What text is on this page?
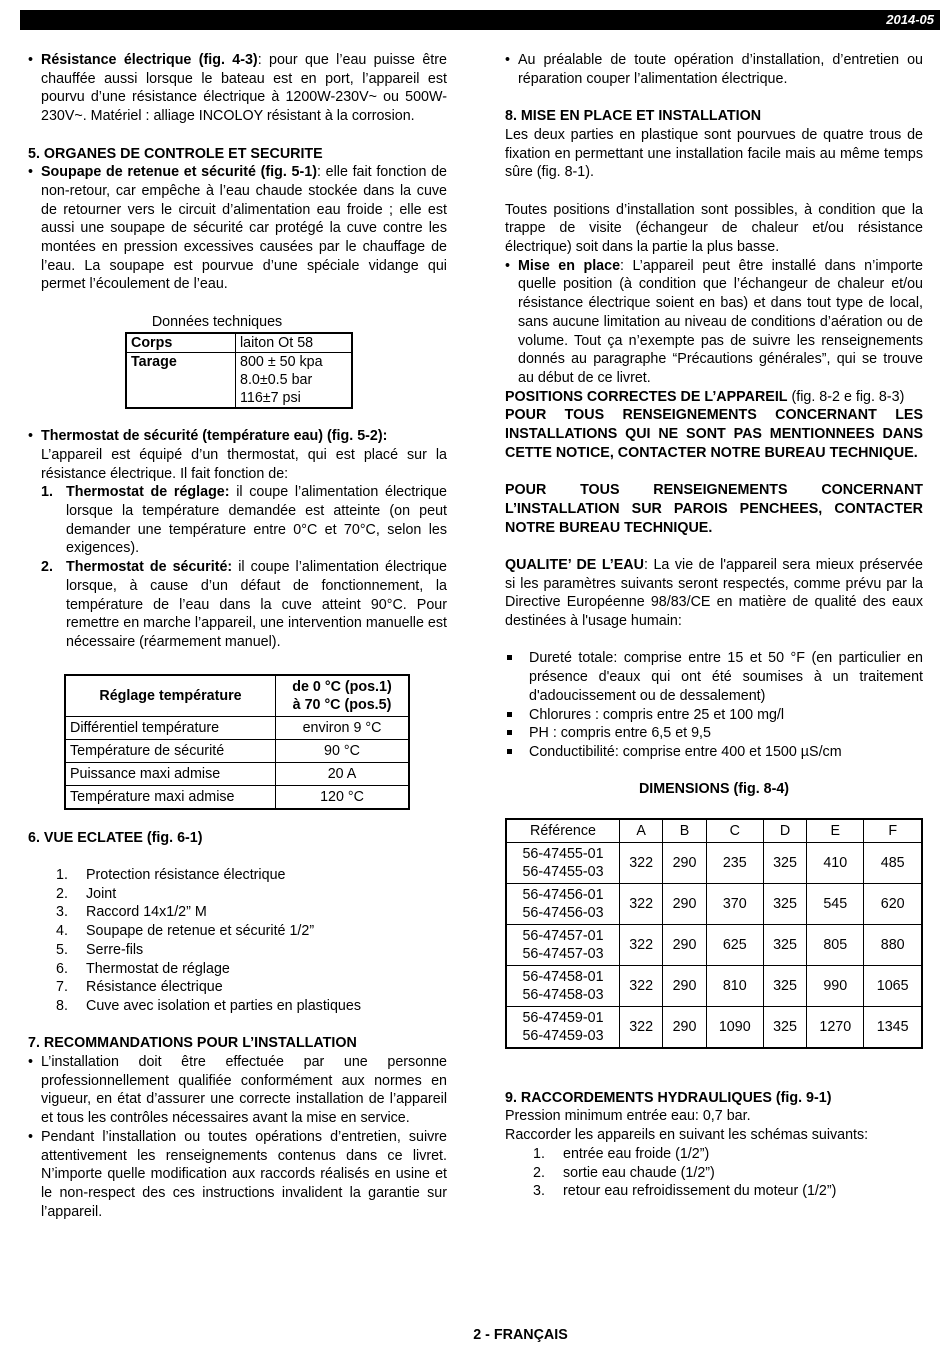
2014-05
• Résistance électrique (fig. 4-3): pour que l’eau puisse être chauffée aussi lorsque le bateau est en port, l’appareil est pourvu d’une résistance électrique à 1200W-230V~ ou 500W-230V~. Matériel : alliage INCOLOY résistant à la corrosion.
5. ORGANES DE CONTROLE ET SECURITE
• Soupape de retenue et sécurité (fig. 5-1): elle fait fonction de non-retour, car empêche à l’eau chaude stockée dans la cuve de retourner vers le circuit d’alimentation eau froide ; elle est aussi une soupape de sécurité car protégé la cuve contre les montées en pression excessives causées par le chauffage de l’eau. La soupape est pourvue d’une spéciale vidange qui permet l’écoulement de l’eau.
Données techniques
Corps	laiton Ot 58
Tarage	800 ± 50 kpa
8.0±0.5 bar
116±7 psi
• Thermostat de sécurité (température eau) (fig. 5-2):
L’appareil est équipé d’un thermostat, qui est placé sur la résistance électrique. Il fait fonction de:
1. Thermostat de réglage: il coupe l’alimentation électrique lorsque la température demandée est atteinte (on peut demander une température entre 0°C et 70°C, selon les exigences).
2. Thermostat de sécurité: il coupe l’alimentation électrique lorsque, à cause d’un défaut de fonctionnement, la température de l’eau dans la cuve atteint 90°C. Pour remettre en marche l’appareil, une intervention manuelle est nécessaire (réarmement manuel).
Réglage température	de 0 °C (pos.1)
à 70 °C (pos.5)

Différentiel température	environ 9 °C
Température de sécurité	90 °C
Puissance maxi admise	20 A
Température maxi admise	120 °C
6. VUE ECLATEE (fig. 6-1)
1. Protection résistance électrique
2. Joint
3. Raccord 14x1/2” M
4. Soupape de retenue et sécurité 1/2”
5. Serre-fils
6. Thermostat de réglage
7. Résistance électrique
8. Cuve avec isolation et parties en plastiques
7. RECOMMANDATIONS POUR L’INSTALLATION
• L’installation doit être effectuée par une personne professionnellement qualifiée conformément aux normes en vigueur, en état d’assurer une correcte installation de l’appareil et tous les contrôles nécessaires avant la mise en service.
• Pendant l’installation ou toutes opérations d’entretien, suivre attentivement les renseignements contenus dans ce livret. N’importe quelle modification aux raccords réalisés en usine et le non-respect des ces instructions invalident la garantie sur l’appareil.
• Au préalable de toute opération d’installation, d’entretien ou réparation couper l’alimentation électrique.
8. MISE EN PLACE ET INSTALLATION
Les deux parties en plastique sont pourvues de quatre trous de fixation en permettant une installation facile mais au même temps sûre (fig. 8-1).
Toutes positions d’installation sont possibles, à condition que la trappe de visite (échangeur de chaleur et/ou résistance électrique) soit dans la partie la plus basse.
• Mise en place: L’appareil peut être installé dans n’importe quelle position (à condition que l’échangeur de chaleur et/ou résistance électrique soient en bas) et dans tout type de local, sans aucune limitation au niveau de conditions d’aération ou de volume. Tout ça n’exempte pas de suivre les renseignements donnés au paragraphe “Précautions générales”, qui se trouve au début de ce livret.
POSITIONS CORRECTES DE L’APPAREIL (fig. 8-2 e fig. 8-3)
POUR TOUS RENSEIGNEMENTS CONCERNANT LES INSTALLATIONS QUI NE SONT PAS MENTIONNEES DANS CETTE NOTICE, CONTACTER NOTRE BUREAU TECHNIQUE.
POUR TOUS RENSEIGNEMENTS CONCERNANT L’INSTALLATION SUR PAROIS PENCHEES, CONTACTER NOTRE BUREAU TECHNIQUE.
QUALITE’ DE L’EAU: La vie de l'appareil sera mieux préservée si les paramètres suivants seront respectés, comme prévu par la Directive Européenne 98/83/CE en matière de qualité des eaux destinées à l'usage humain:
Dureté totale: comprise entre 15 et 50 °F (en particulier en présence d'eaux qui ont été soumises à un traitement d'adoucissement ou de dessalement)
Chlorures : compris entre 25 et 100 mg/l
PH : compris entre 6,5 et 9,5
Conductibilité: comprise entre 400 et 1500 µS/cm
DIMENSIONS (fig. 8-4)
Référence	A	B	C	D	E	F

56-47455-01
56-47455-03	322	290	235	325	410	485

56-47456-01
56-47456-03	322	290	370	325	545	620

56-47457-01
56-47457-03	322	290	625	325	805	880

56-47458-01
56-47458-03	322	290	810	325	990	1065

56-47459-01
56-47459-03	322	290	1090	325	1270	1345
9. RACCORDEMENTS HYDRAULIQUES (fig. 9-1)
Pression minimum entrée eau: 0,7 bar.
Raccorder les appareils en suivant les schémas suivants:
1. entrée eau froide (1/2”)
2. sortie eau chaude (1/2”)
3. retour eau refroidissement du moteur (1/2”)
2 - FRANÇAIS
